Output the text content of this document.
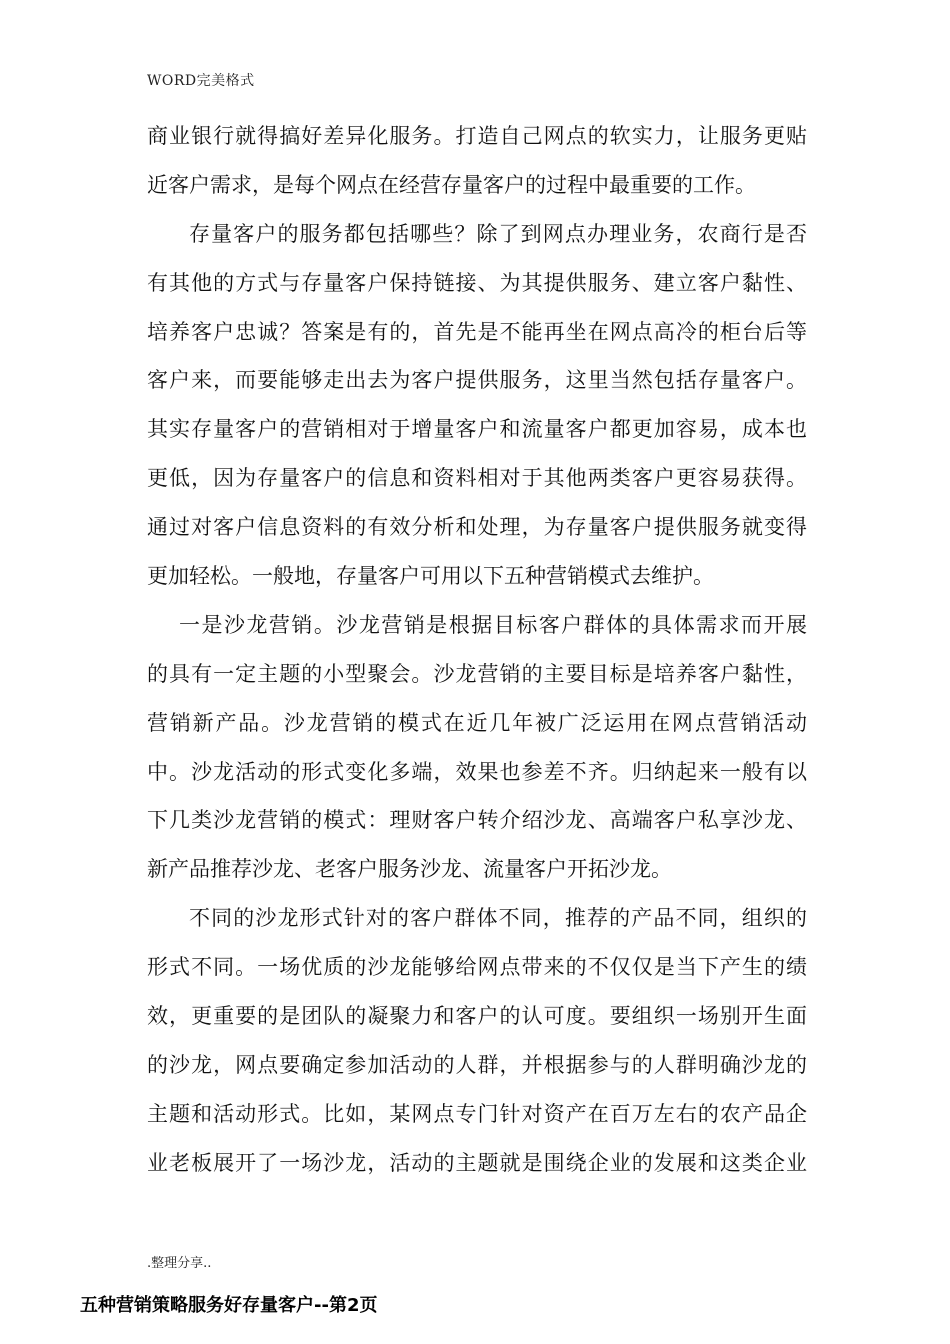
WORD完美格式
商业银行就得搞好差异化服务。打造自己网点的软实力，让服务更贴
近客户需求，是每个网点在经营存量客户的过程中最重要的工作。
存量客户的服务都包括哪些？除了到网点办理业务，农商行是否
有其他的方式与存量客户保持链接、为其提供服务、建立客户黏性、
培养客户忠诚？答案是有的，首先是不能再坐在网点高冷的柜台后等
客户来，而要能够走出去为客户提供服务，这里当然包括存量客户。
其实存量客户的营销相对于增量客户和流量客户都更加容易，成本也
更低，因为存量客户的信息和资料相对于其他两类客户更容易获得。
通过对客户信息资料的有效分析和处理，为存量客户提供服务就变得
更加轻松。一般地，存量客户可用以下五种营销模式去维护。
一是沙龙营销。沙龙营销是根据目标客户群体的具体需求而开展
的具有一定主题的小型聚会。沙龙营销的主要目标是培养客户黏性，
营销新产品。沙龙营销的模式在近几年被广泛运用在网点营销活动
中。沙龙活动的形式变化多端，效果也参差不齐。归纳起来一般有以
下几类沙龙营销的模式：理财客户转介绍沙龙、高端客户私享沙龙、
新产品推荐沙龙、老客户服务沙龙、流量客户开拓沙龙。
不同的沙龙形式针对的客户群体不同，推荐的产品不同，组织的
形式不同。一场优质的沙龙能够给网点带来的不仅仅是当下产生的绩
效，更重要的是团队的凝聚力和客户的认可度。要组织一场别开生面
的沙龙，网点要确定参加活动的人群，并根据参与的人群明确沙龙的
主题和活动形式。比如，某网点专门针对资产在百万左右的农产品企
业老板展开了一场沙龙，活动的主题就是围绕企业的发展和这类企业
.整理分享..
五种营销策略服务好存量客户--第2页
